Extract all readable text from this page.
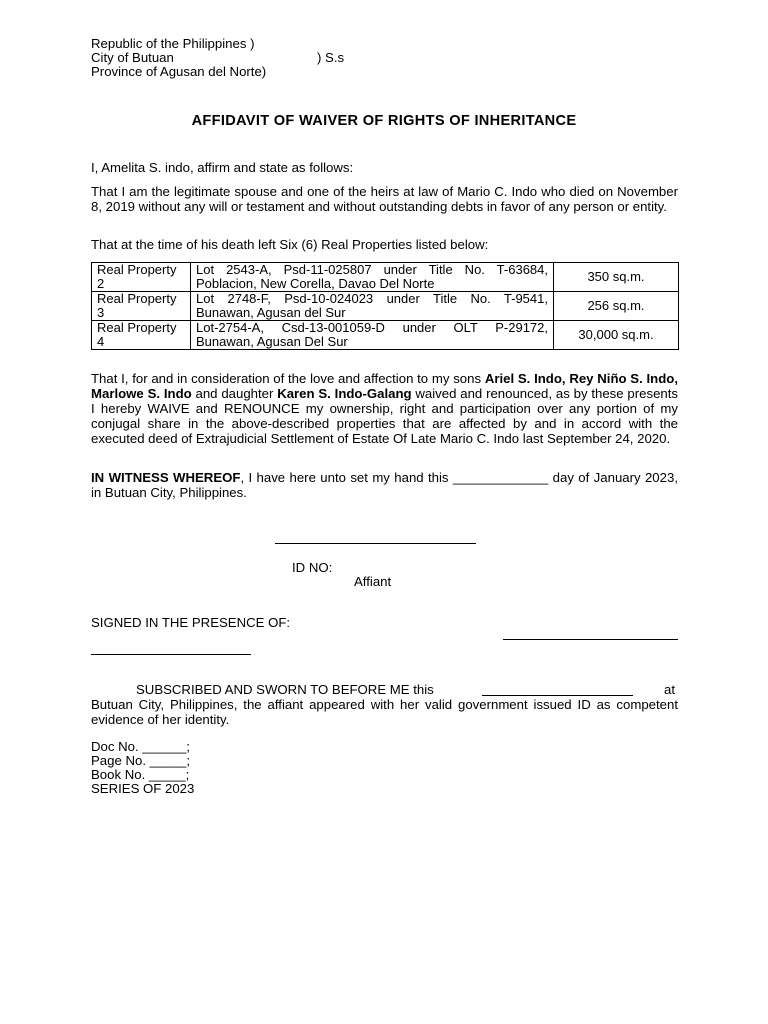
Republic of the Philippines )
City of Butuan	) S.s
Province of Agusan del Norte)
AFFIDAVIT OF WAIVER OF RIGHTS OF INHERITANCE
I, Amelita S. indo, affirm and state as follows:
That I am the legitimate spouse and one of the heirs at law of Mario C. Indo who died on November 8, 2019 without any will or testament and without outstanding debts in favor of any person or entity.
That at the time of his death left Six (6) Real Properties listed below:
Real Property 2	Lot 2543-A, Psd-11-025807 under Title No. T-63684, Poblacion, New Corella, Davao Del Norte	350 sq.m.
Real Property 3	Lot 2748-F, Psd-10-024023 under Title No. T-9541, Bunawan, Agusan del Sur	256 sq.m.
Real Property 4	Lot-2754-A, Csd-13-001059-D under OLT P-29172, Bunawan, Agusan Del Sur	30,000 sq.m.
That I, for and in consideration of the love and affection to my sons Ariel S. Indo, Rey Niño S. Indo, Marlowe S. Indo and daughter Karen S. Indo-Galang waived and renounced, as by these presents I hereby WAIVE and RENOUNCE my ownership, right and participation over any portion of my conjugal share in the above-described properties that are affected by and in accord with the executed deed of Extrajudicial Settlement of Estate Of Late Mario C. Indo last September 24, 2020.
IN WITNESS WHEREOF, I have here unto set my hand this _____________ day of January 2023, in Butuan City, Philippines.
ID NO:
Affiant
SIGNED IN THE PRESENCE OF:
SUBSCRIBED AND SWORN TO BEFORE ME this	at
Butuan City, Philippines, the affiant appeared with her valid government issued ID as competent evidence of her identity.
Doc No. ______;
Page No. _____;
Book No. _____;
SERIES OF 2023
